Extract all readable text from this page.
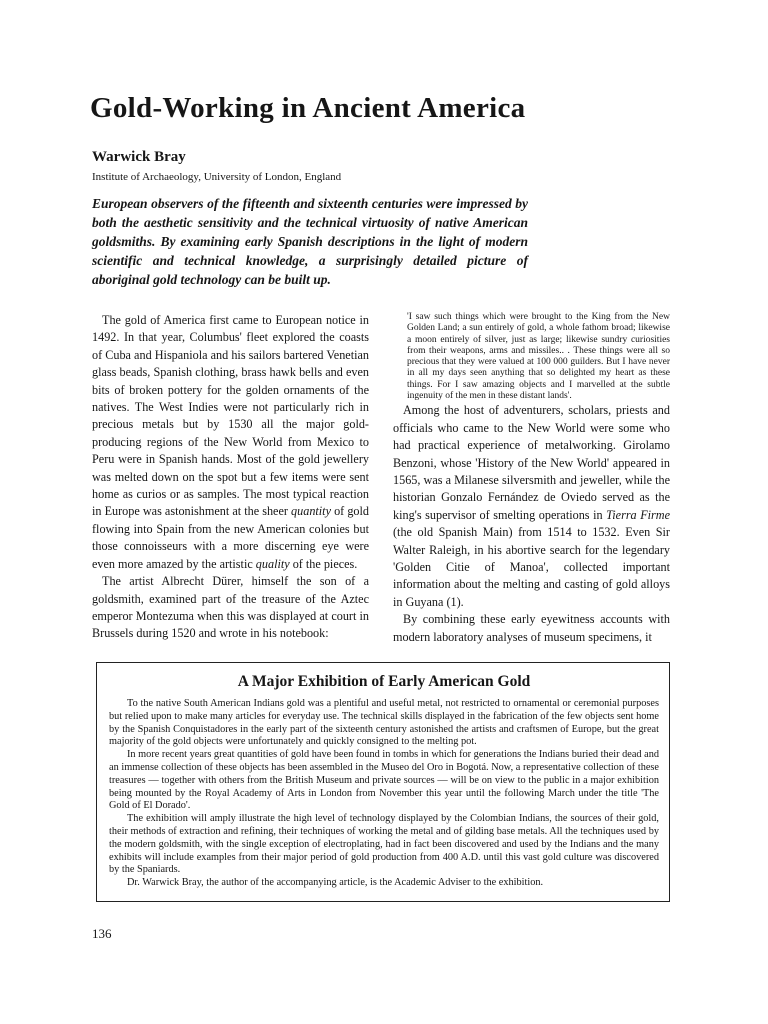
Gold-Working in Ancient America
Warwick Bray
Institute of Archaeology, University of London, England

European observers of the fifteenth and sixteenth centuries were impressed by both the aesthetic sensitivity and the technical virtuosity of native American goldsmiths. By examining early Spanish descriptions in the light of modern scientific and technical knowledge, a surprisingly detailed picture of aboriginal gold technology can be built up.

The gold of America first came to European notice in 1492. In that year, Columbus' fleet explored the coasts of Cuba and Hispaniola and his sailors bartered Venetian glass beads, Spanish clothing, brass hawk bells and even bits of broken pottery for the golden ornaments of the natives. The West Indies were not particularly rich in precious metals but by 1530 all the major gold-producing regions of the New World from Mexico to Peru were in Spanish hands. Most of the gold jewellery was melted down on the spot but a few items were sent home as curios or as samples. The most typical reaction in Europe was astonishment at the sheer quantity of gold flowing into Spain from the new American colonies but those connoisseurs with a more discerning eye were even more amazed by the artistic quality of the pieces.

The artist Albrecht Dürer, himself the son of a goldsmith, examined part of the treasure of the Aztec emperor Montezuma when this was displayed at court in Brussels during 1520 and wrote in his notebook:

'I saw such things which were brought to the King from the New Golden Land; a sun entirely of gold, a whole fathom broad; likewise a moon entirely of silver, just as large; likewise sundry curiosities from their weapons, arms and missiles.. . These things were all so precious that they were valued at 100 000 guilders. But I have never in all my days seen anything that so delighted my heart as these things. For I saw amazing objects and I marvelled at the subtle ingenuity of the men in these distant lands'.

Among the host of adventurers, scholars, priests and officials who came to the New World were some who had practical experience of metalworking. Girolamo Benzoni, whose 'History of the New World' appeared in 1565, was a Milanese silversmith and jeweller, while the historian Gonzalo Fernández de Oviedo served as the king's supervisor of smelting operations in Tierra Firme (the old Spanish Main) from 1514 to 1532. Even Sir Walter Raleigh, in his abortive search for the legendary 'Golden Citie of Manoa', collected important information about the melting and casting of gold alloys in Guyana (1).

By combining these early eyewitness accounts with modern laboratory analyses of museum specimens, it

A Major Exhibition of Early American Gold

To the native South American Indians gold was a plentiful and useful metal, not restricted to ornamental or ceremonial purposes but relied upon to make many articles for everyday use. The technical skills displayed in the fabrication of the few objects sent home by the Spanish Conquistadores in the early part of the sixteenth century astonished the artists and craftsmen of Europe, but the great majority of the gold objects were unfortunately and quickly consigned to the melting pot.

In more recent years great quantities of gold have been found in tombs in which for generations the Indians buried their dead and an immense collection of these objects has been assembled in the Museo del Oro in Bogotá. Now, a representative collection of these treasures — together with others from the British Museum and private sources — will be on view to the public in a major exhibition being mounted by the Royal Academy of Arts in London from November this year until the following March under the title 'The Gold of El Dorado'.

The exhibition will amply illustrate the high level of technology displayed by the Colombian Indians, the sources of their gold, their methods of extraction and refining, their techniques of working the metal and of gilding base metals. All the techniques used by the modern goldsmith, with the single exception of electroplating, had in fact been discovered and used by the Indians and the many exhibits will include examples from their major period of gold production from 400 A.D. until this vast gold culture was discovered by the Spaniards.

Dr. Warwick Bray, the author of the accompanying article, is the Academic Adviser to the exhibition.

136
